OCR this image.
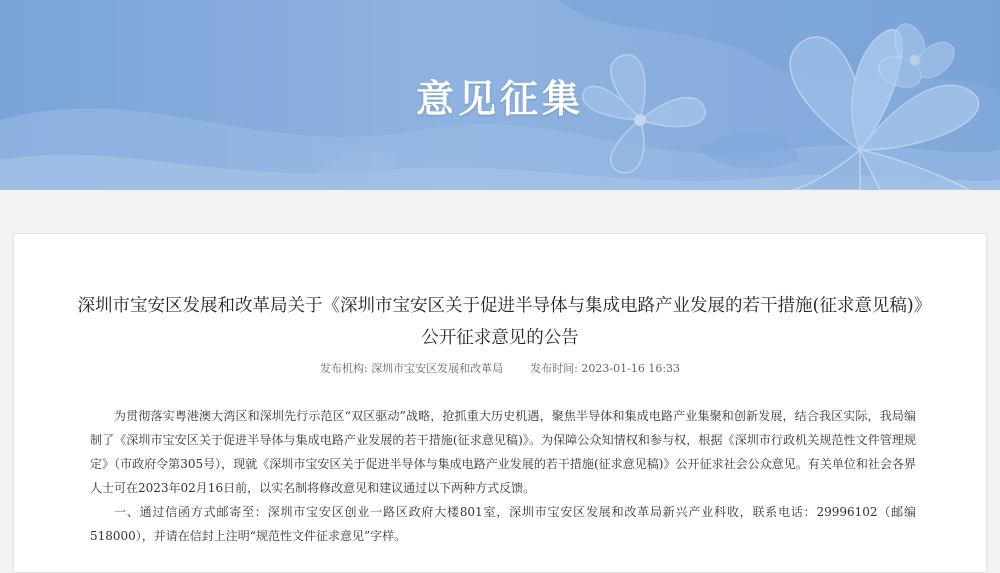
意见征集
深圳市宝安区发展和改革局关于《深圳市宝安区关于促进半导体与集成电路产业发展的若干措施(征求意见稿)》公开征求意见的公告
发布机构: 深圳市宝安区发展和改革局 发布时间: 2023-01-16 16:33

为贯彻落实粤港澳大湾区和深圳先行示范区“双区驱动”战略，抢抓重大历史机遇，聚焦半导体和集成电路产业集聚和创新发展，结合我区实际，我局编制了《深圳市宝安区关于促进半导体与集成电路产业发展的若干措施(征求意见稿)》。为保障公众知情权和参与权，根据《深圳市行政机关规范性文件管理规定》（市政府令第305号），现就《深圳市宝安区关于促进半导体与集成电路产业发展的若干措施(征求意见稿)》公开征求社会公众意见。有关单位和社会各界人士可在2023年02月16日前，以实名制将修改意见和建议通过以下两种方式反馈。

一、通过信函方式邮寄至：深圳市宝安区创业一路区政府大楼801室，深圳市宝安区发展和改革局新兴产业科收，联系电话：29996102（邮编518000），并请在信封上注明“规范性文件征求意见”字样。
